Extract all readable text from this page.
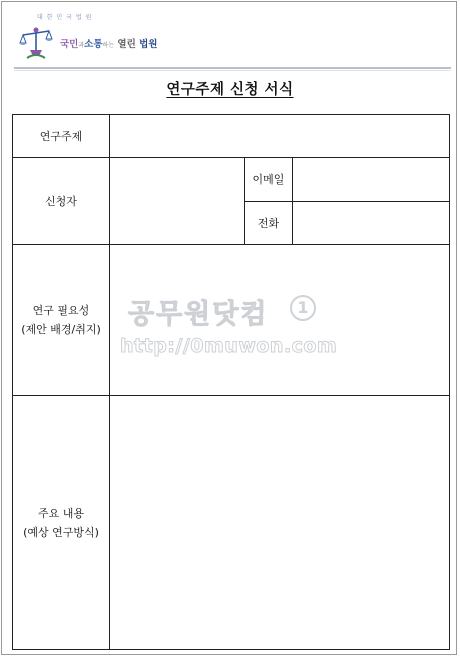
대 한 민 국 법 원
국민과소통하는 열린 법원
연구주제 신청 서식
연구주제			
신청자		이메일	
		전화	

연구 필요성
(제안 배경/취지)			

주요 내용
(예상 연구방식)			

공무원닷컴	1
http://0muwon.com
